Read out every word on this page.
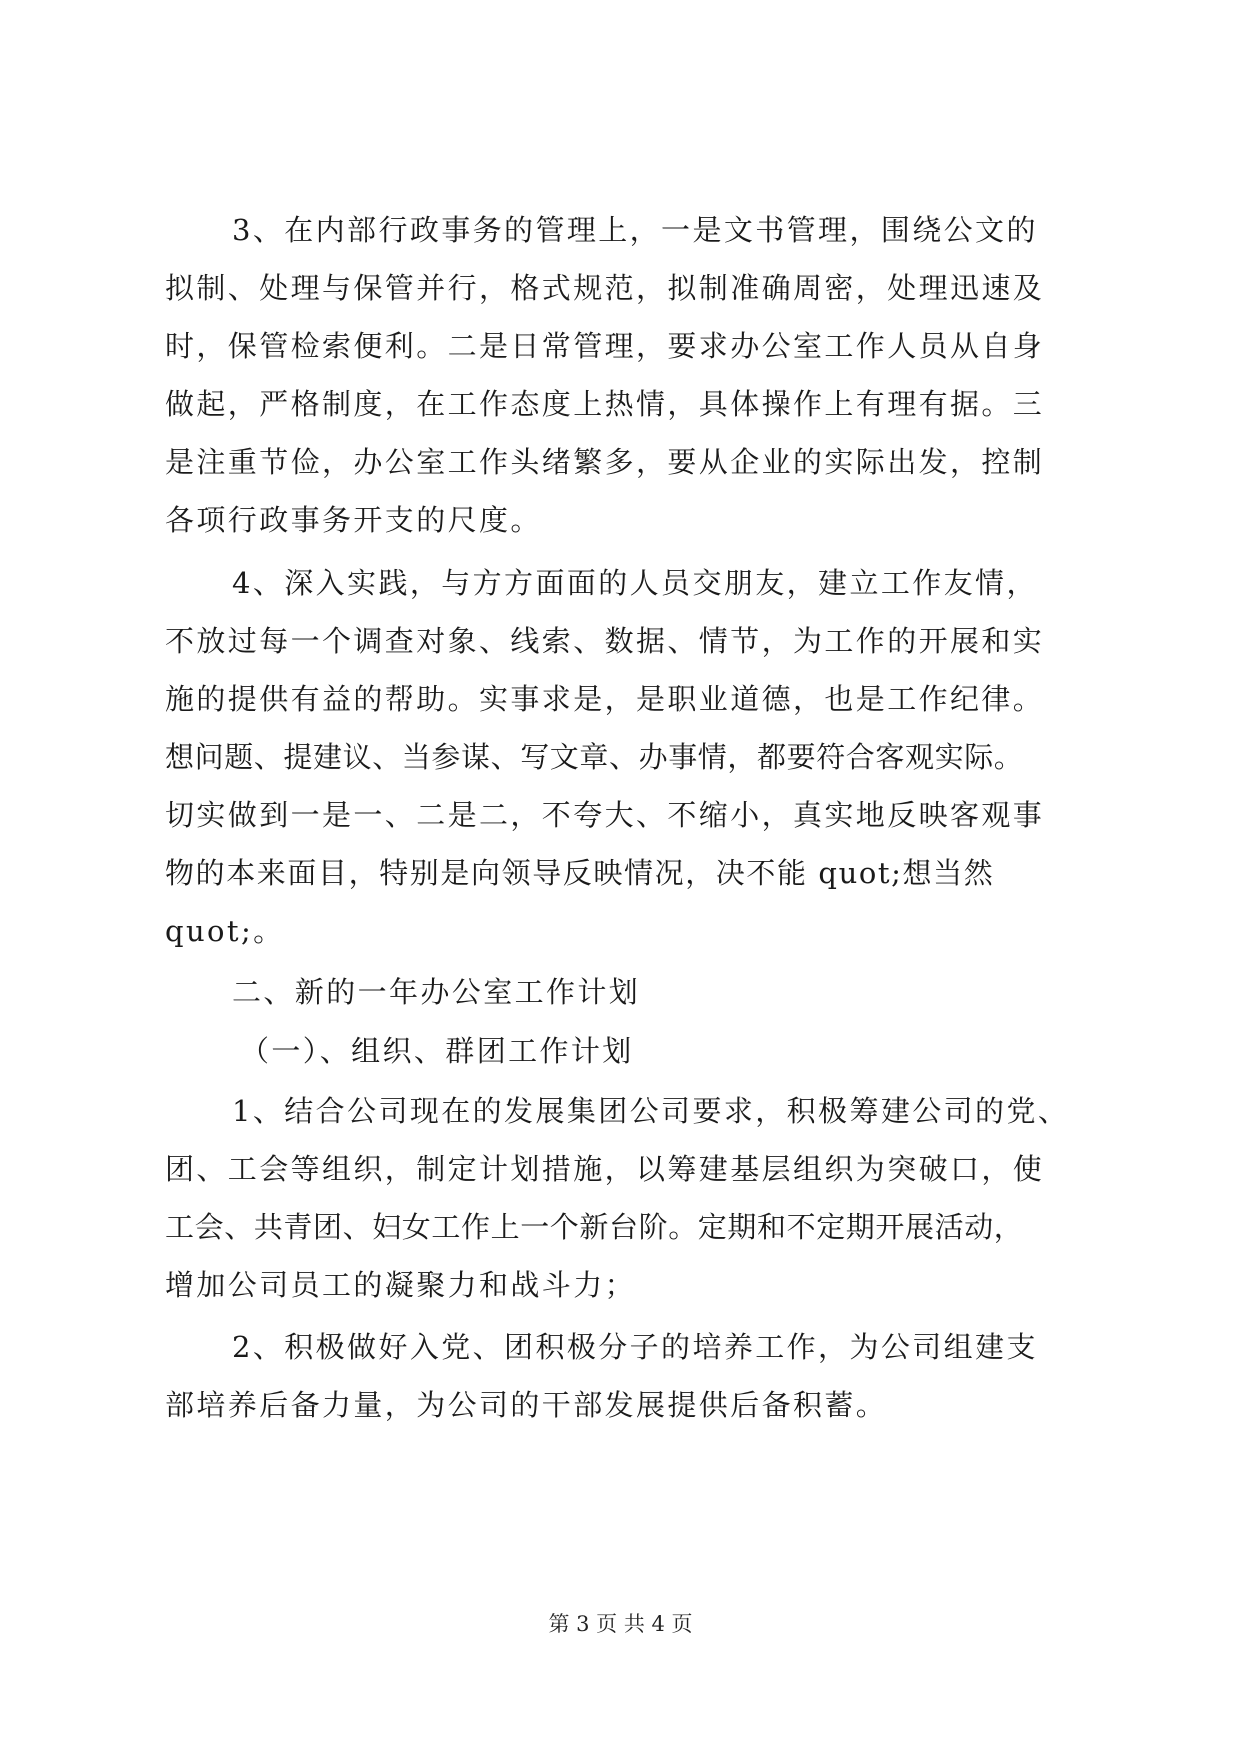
3、在内部行政事务的管理上，一是文书管理，围绕公文的

拟制、处理与保管并行，格式规范，拟制准确周密，处理迅速及

时，保管检索便利。二是日常管理，要求办公室工作人员从自身

做起，严格制度，在工作态度上热情，具体操作上有理有据。三

是注重节俭，办公室工作头绪繁多，要从企业的实际出发，控制

各项行政事务开支的尺度。

4、深入实践，与方方面面的人员交朋友，建立工作友情，

不放过每一个调查对象、线索、数据、情节，为工作的开展和实

施的提供有益的帮助。实事求是，是职业道德，也是工作纪律。

想问题、提建议、当参谋、写文章、办事情，都要符合客观实际。

切实做到一是一、二是二，不夸大、不缩小，真实地反映客观事

物的本来面目，特别是向领导反映情况，决不能 quot;想当然

quot;。

二、新的一年办公室工作计划

（一）、组织、群团工作计划

1、结合公司现在的发展集团公司要求，积极筹建公司的党、

团、工会等组织，制定计划措施，以筹建基层组织为突破口，使

工会、共青团、妇女工作上一个新台阶。定期和不定期开展活动，

增加公司员工的凝聚力和战斗力；

2、积极做好入党、团积极分子的培养工作，为公司组建支

部培养后备力量，为公司的干部发展提供后备积蓄。

第 3 页 共 4 页
